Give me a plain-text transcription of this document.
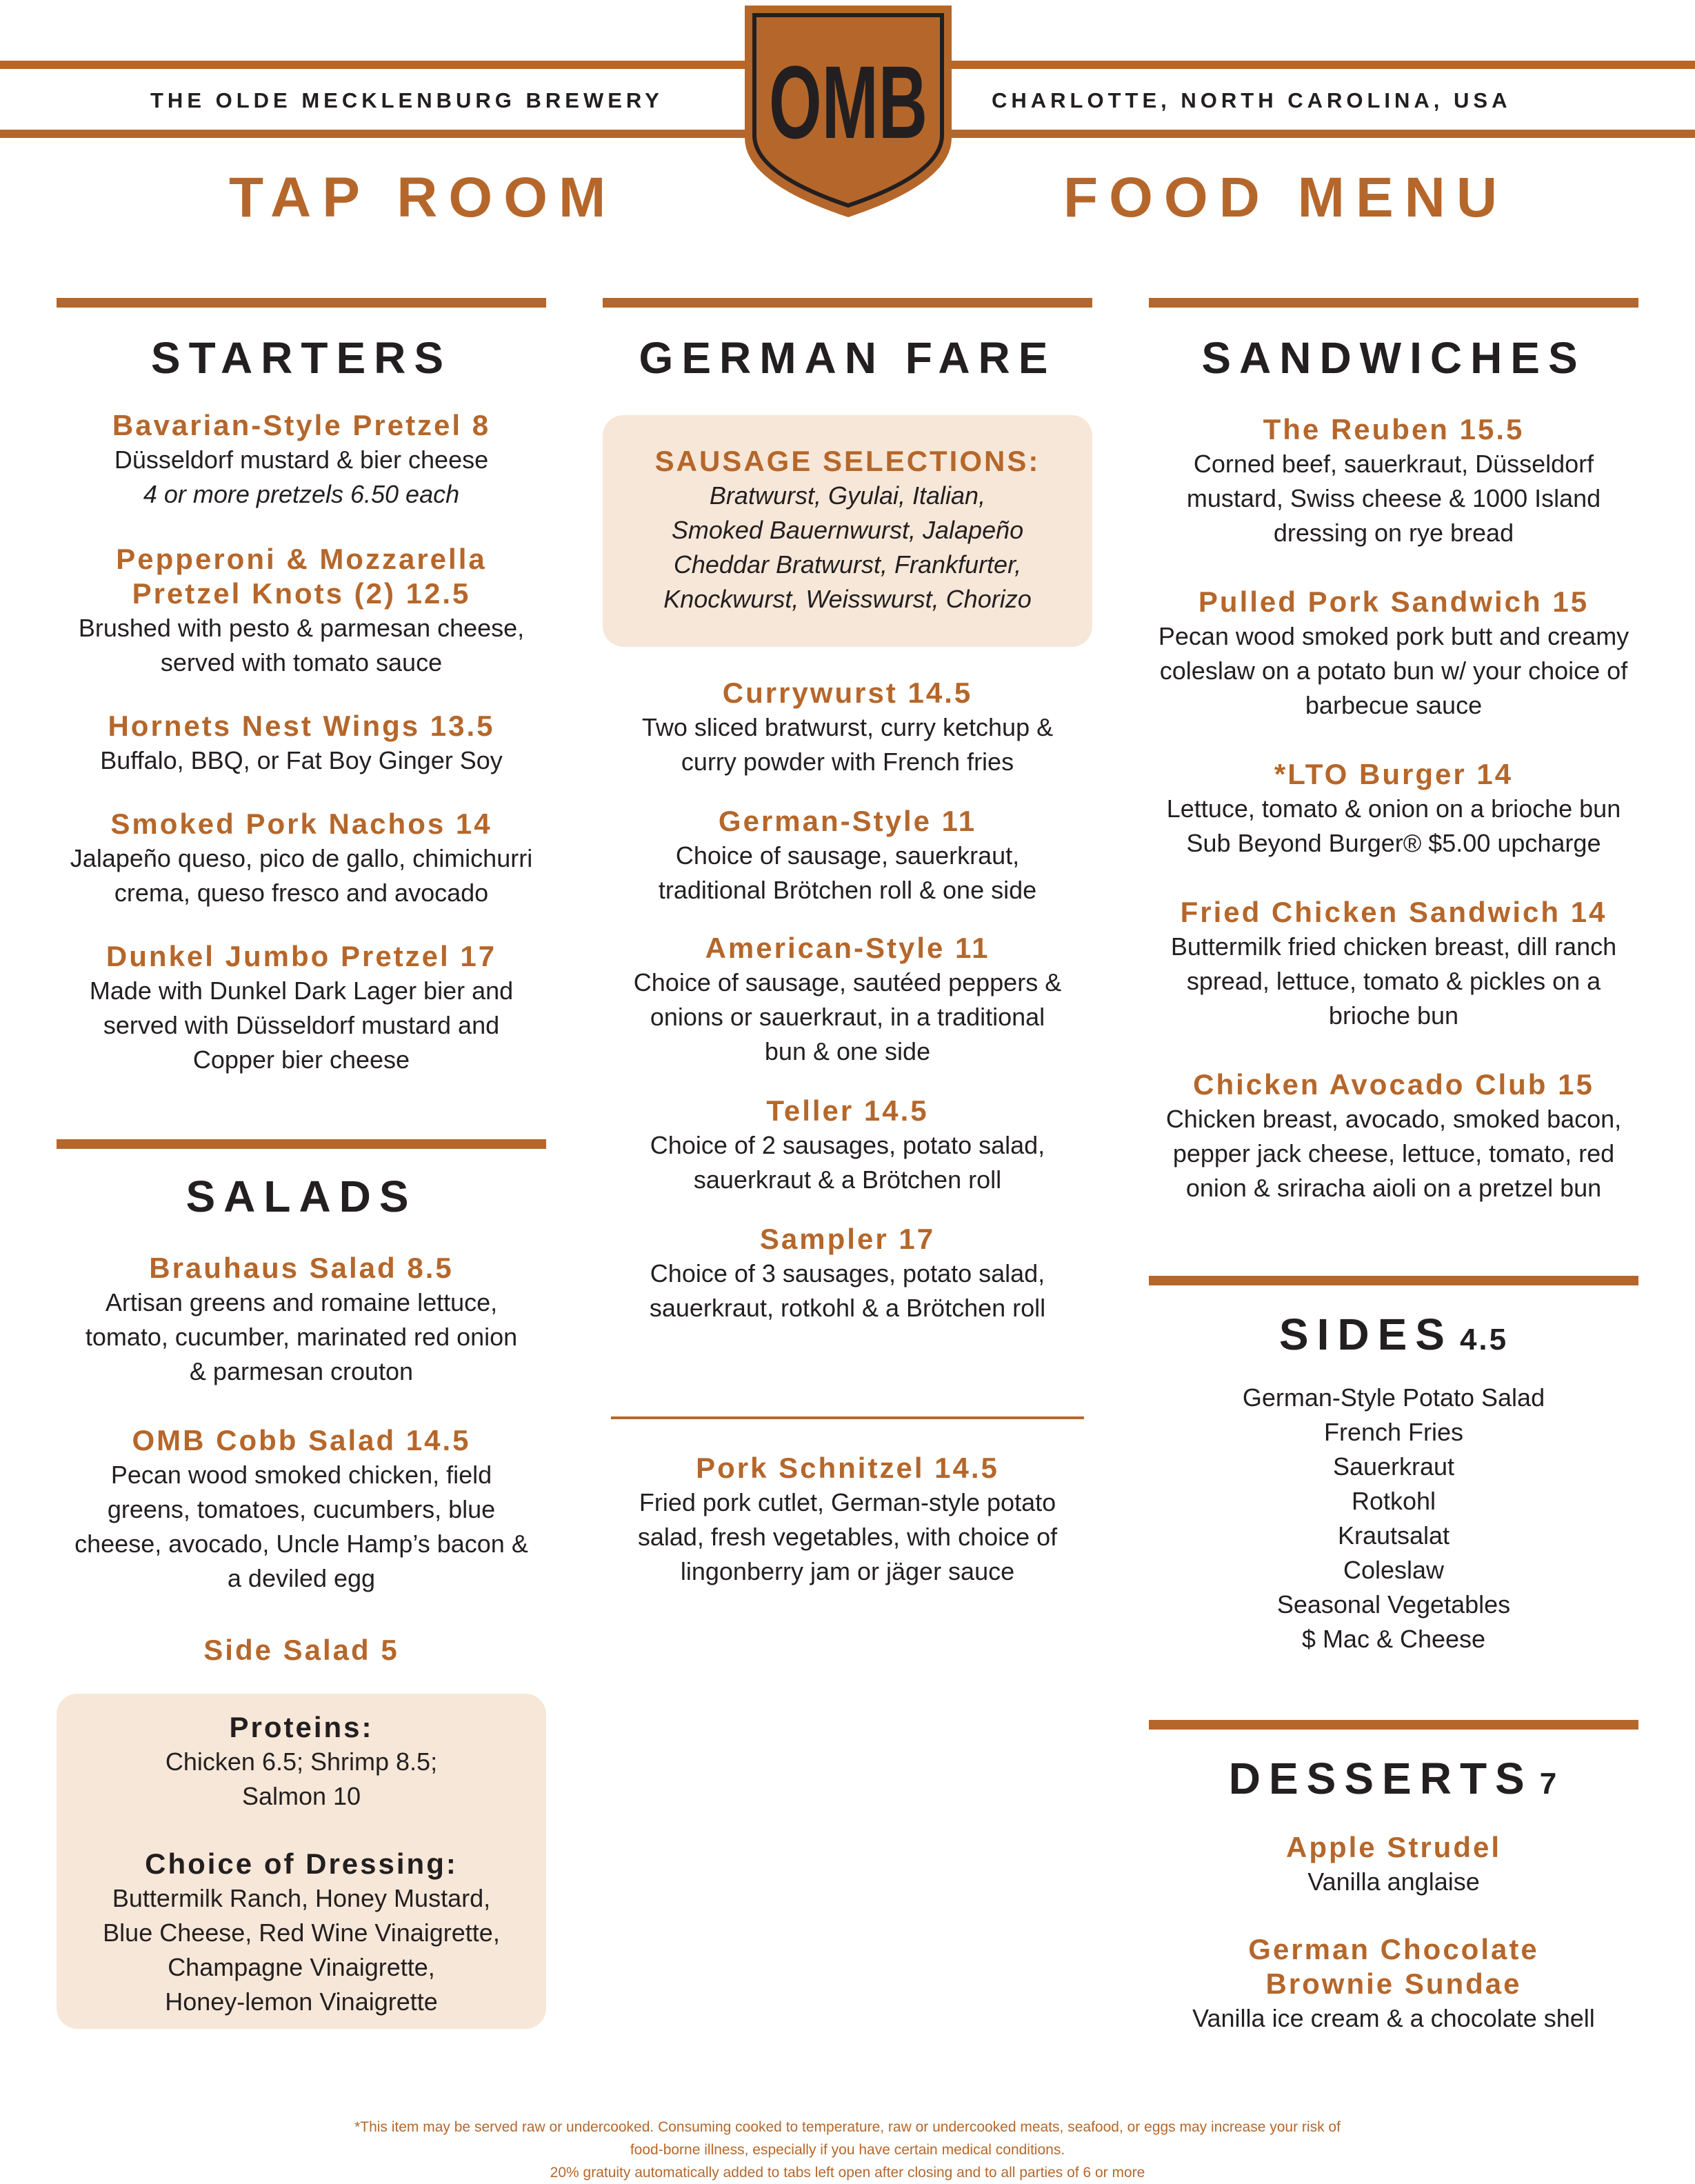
THE OLDE MECKLENBURG BREWERY	CHARLOTTE, NORTH CAROLINA, USA
OMB
TAP ROOM	FOOD MENU
STARTERS
Bavarian-Style Pretzel 8
Düsseldorf mustard & bier cheese
4 or more pretzels 6.50 each
Pepperoni & Mozzarella
Pretzel Knots (2) 12.5
Brushed with pesto & parmesan cheese,
served with tomato sauce
Hornets Nest Wings 13.5
Buffalo, BBQ, or Fat Boy Ginger Soy
Smoked Pork Nachos 14
Jalapeño queso, pico de gallo, chimichurri
crema, queso fresco and avocado
Dunkel Jumbo Pretzel 17
Made with Dunkel Dark Lager bier and
served with Düsseldorf mustard and
Copper bier cheese
SALADS
Brauhaus Salad 8.5
Artisan greens and romaine lettuce,
tomato, cucumber, marinated red onion
& parmesan crouton
OMB Cobb Salad 14.5
Pecan wood smoked chicken, field
greens, tomatoes, cucumbers, blue
cheese, avocado, Uncle Hamp’s bacon &
a deviled egg
Side Salad 5
Proteins:
Chicken 6.5; Shrimp 8.5;
Salmon 10
Choice of Dressing:
Buttermilk Ranch, Honey Mustard,
Blue Cheese, Red Wine Vinaigrette,
Champagne Vinaigrette,
Honey-lemon Vinaigrette
GERMAN FARE
SAUSAGE SELECTIONS:
Bratwurst, Gyulai, Italian,
Smoked Bauernwurst, Jalapeño
Cheddar Bratwurst, Frankfurter,
Knockwurst, Weisswurst, Chorizo
Currywurst 14.5
Two sliced bratwurst, curry ketchup &
curry powder with French fries
German-Style 11
Choice of sausage, sauerkraut,
traditional Brötchen roll & one side
American-Style 11
Choice of sausage, sautéed peppers &
onions or sauerkraut, in a traditional
bun & one side
Teller 14.5
Choice of 2 sausages, potato salad,
sauerkraut & a Brötchen roll
Sampler 17
Choice of 3 sausages, potato salad,
sauerkraut, rotkohl & a Brötchen roll
Pork Schnitzel 14.5
Fried pork cutlet, German-style potato
salad, fresh vegetables, with choice of
lingonberry jam or jäger sauce
SANDWICHES
The Reuben 15.5
Corned beef, sauerkraut, Düsseldorf
mustard, Swiss cheese & 1000 Island
dressing on rye bread
Pulled Pork Sandwich 15
Pecan wood smoked pork butt and creamy
coleslaw on a potato bun w/ your choice of
barbecue sauce
*LTO Burger 14
Lettuce, tomato & onion on a brioche bun
Sub Beyond Burger® $5.00 upcharge
Fried Chicken Sandwich 14
Buttermilk fried chicken breast, dill ranch
spread, lettuce, tomato & pickles on a
brioche bun
Chicken Avocado Club 15
Chicken breast, avocado, smoked bacon,
pepper jack cheese, lettuce, tomato, red
onion & sriracha aioli on a pretzel bun
SIDES 4.5
German-Style Potato Salad
French Fries
Sauerkraut
Rotkohl
Krautsalat
Coleslaw
Seasonal Vegetables
$ Mac & Cheese
DESSERTS 7
Apple Strudel
Vanilla anglaise
German Chocolate
Brownie Sundae
Vanilla ice cream & a chocolate shell
*This item may be served raw or undercooked. Consuming cooked to temperature, raw or undercooked meats, seafood, or eggs may increase your risk of
food-borne illness, especially if you have certain medical conditions.
20% gratuity automatically added to tabs left open after closing and to all parties of 6 or more
